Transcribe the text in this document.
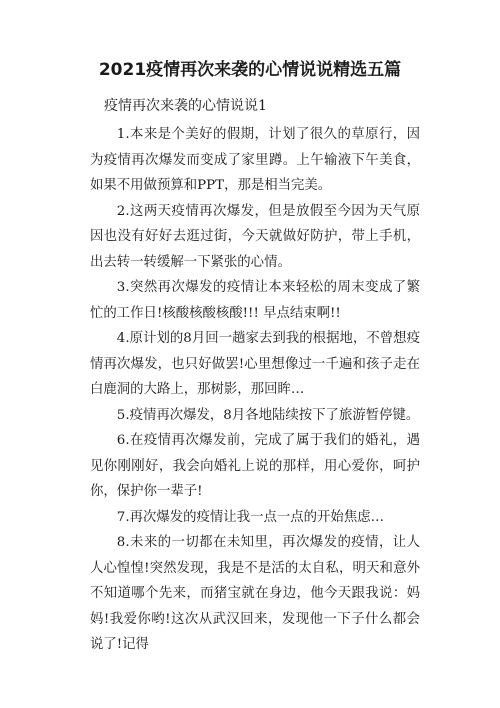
2021疫情再次来袭的心情说说精选五篇
疫情再次来袭的心情说说1

1.本来是个美好的假期，计划了很久的草原行，因为疫情再次爆发而变成了家里蹲。上午输液下午美食，如果不用做预算和PPT，那是相当完美。

2.这两天疫情再次爆发，但是放假至今因为天气原因也没有好好去逛过街，今天就做好防护，带上手机，出去转一转缓解一下紧张的心情。

3.突然再次爆发的疫情让本来轻松的周末变成了繁忙的工作日!核酸核酸核酸!!! 早点结束啊!!

4.原计划的8月回一趟家去到我的根据地，不曾想疫情再次爆发，也只好做罢!心里想像过一千遍和孩子走在白鹿洞的大路上，那树影，那回眸…

5.疫情再次爆发，8月各地陆续按下了旅游暂停键。

6.在疫情再次爆发前，完成了属于我们的婚礼，遇见你刚刚好，我会向婚礼上说的那样，用心爱你，呵护你，保护你一辈子!

7.再次爆发的疫情让我一点一点的开始焦虑…

8.未来的一切都在未知里，再次爆发的疫情，让人人心惶惶!突然发现，我是不是活的太自私，明天和意外不知道哪个先来，而猪宝就在身边，他今天跟我说：妈妈!我爱你哟!这次从武汉回来，发现他一下子什么都会说了!记得
